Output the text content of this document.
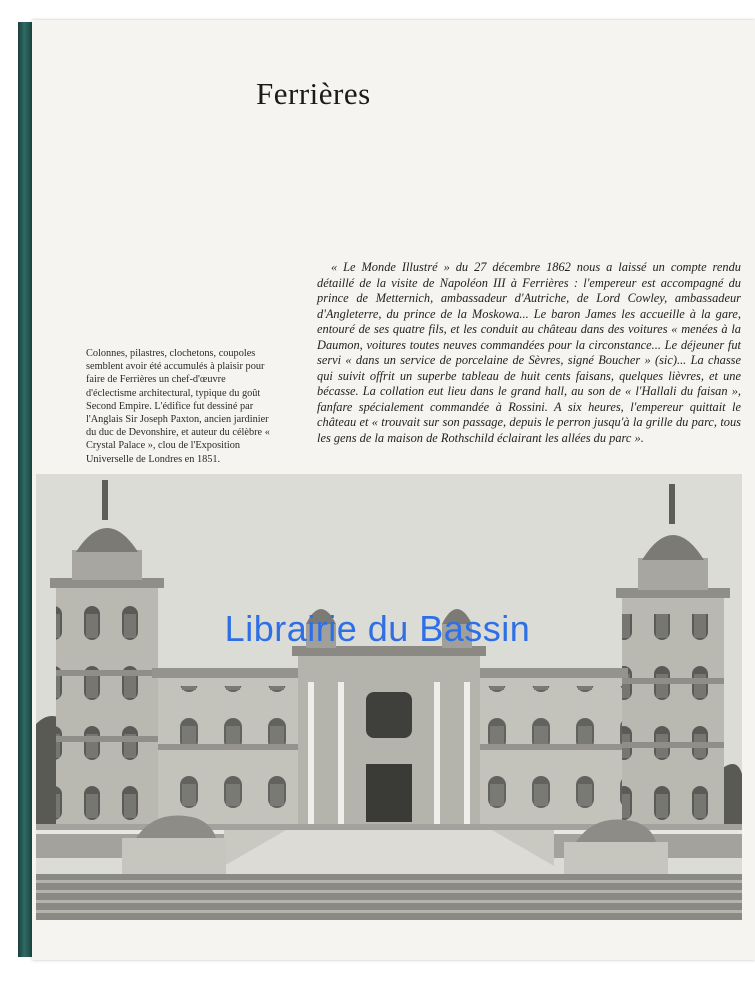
Ferrières

Colonnes, pilastres, clochetons, coupoles semblent avoir été accumulés à plaisir pour faire de Ferrières un chef-d'œuvre d'éclectisme architectural, typique du goût Second Empire. L'édifice fut dessiné par l'Anglais Sir Joseph Paxton, ancien jardinier du duc de Devonshire, et auteur du célèbre « Crystal Palace », clou de l'Exposition Universelle de Londres en 1851.

« Le Monde Illustré » du 27 décembre 1862 nous a laissé un compte rendu détaillé de la visite de Napoléon III à Ferrières : l'empereur est accompagné du prince de Metternich, ambassadeur d'Autriche, de Lord Cowley, ambassadeur d'Angleterre, du prince de la Moskowa... Le baron James les accueille à la gare, entouré de ses quatre fils, et les conduit au château dans des voitures « menées à la Daumon, voitures toutes neuves commandées pour la circonstance... Le déjeuner fut servi « dans un service de porcelaine de Sèvres, signé Boucher » (sic)... La chasse qui suivit offrit un superbe tableau de huit cents faisans, quelques lièvres, et une bécasse. La collation eut lieu dans le grand hall, au son de « l'Hallali du faisan », fanfare spécialement commandée à Rossini. A six heures, l'empereur quittait le château et « trouvait sur son passage, depuis le perron jusqu'à la grille du parc, tous les gens de la maison de Rothschild éclairant les allées du parc ».

Librairie du Bassin
